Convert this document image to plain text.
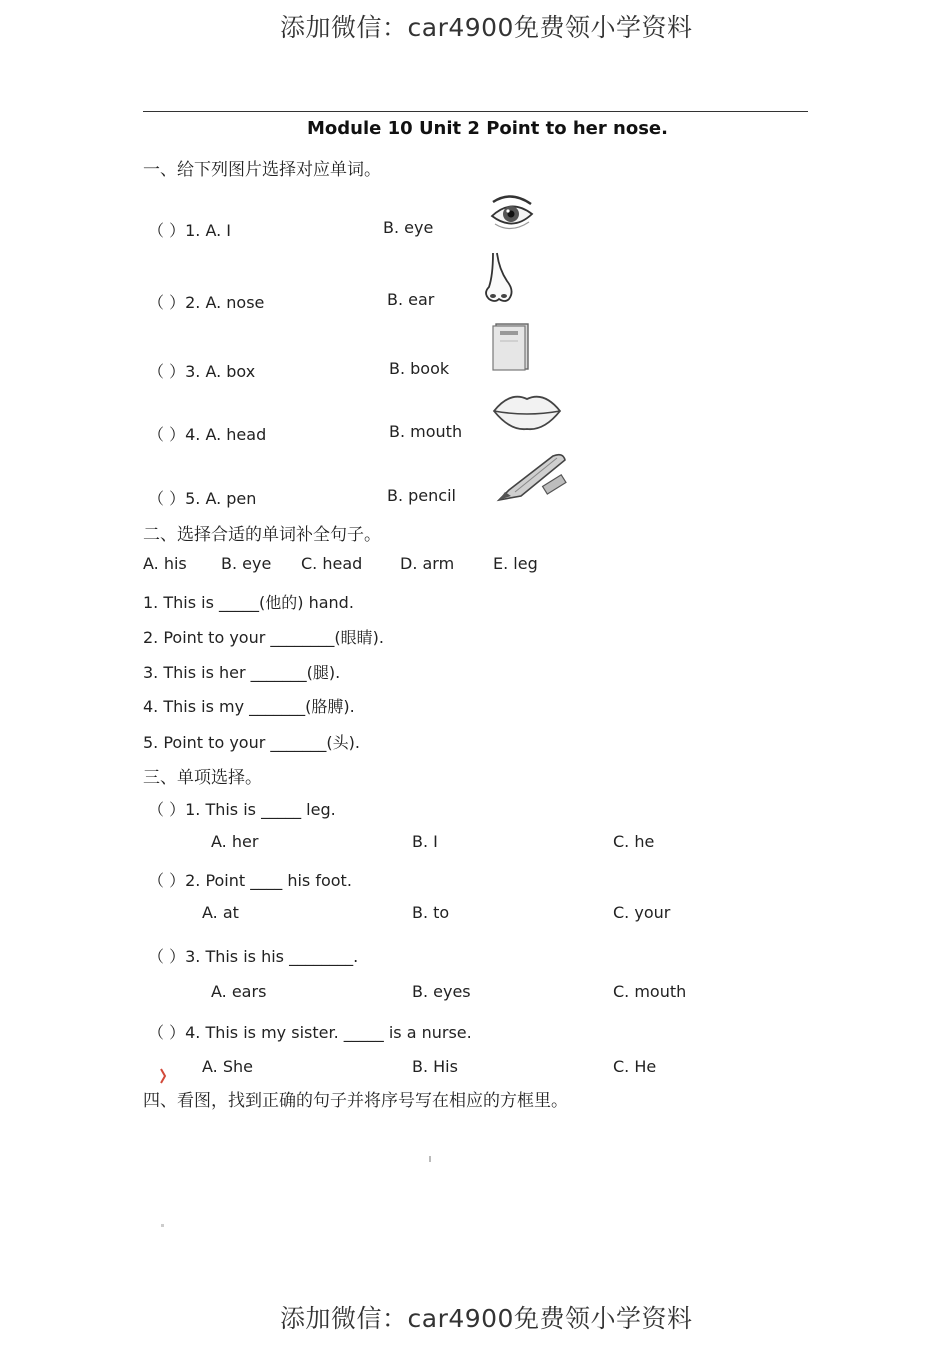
添加微信：car4900免费领小学资料
Module 10 Unit 2 Point to her nose.
一、给下列图片选择对应单词。
（ ）1. A. I	B. eye
（ ）2. A. nose	B. ear
（ ）3. A. box	B. book
（ ）4. A. head	B. mouth
（ ）5. A. pen	B. pencil
二、选择合适的单词补全句子。
A. his B. eye C. head D. arm E. leg
1. This is _____(他的) hand.
2. Point to your ________(眼睛).
3. This is her _______(腿).
4. This is my _______(胳膊).
5. Point to your _______(头).
三、单项选择。
（ ）1. This is _____ leg.
A. her	B. I	C. he
（ ）2. Point ____ his foot.
A. at	B. to	C. your
（ ）3. This is his ________.
A. ears	B. eyes	C. mouth
（ ）4. This is my sister. _____ is a nurse.
A. She	B. His	C. He
四、看图，找到正确的句子并将序号写在相应的方框里。
添加微信：car4900免费领小学资料
